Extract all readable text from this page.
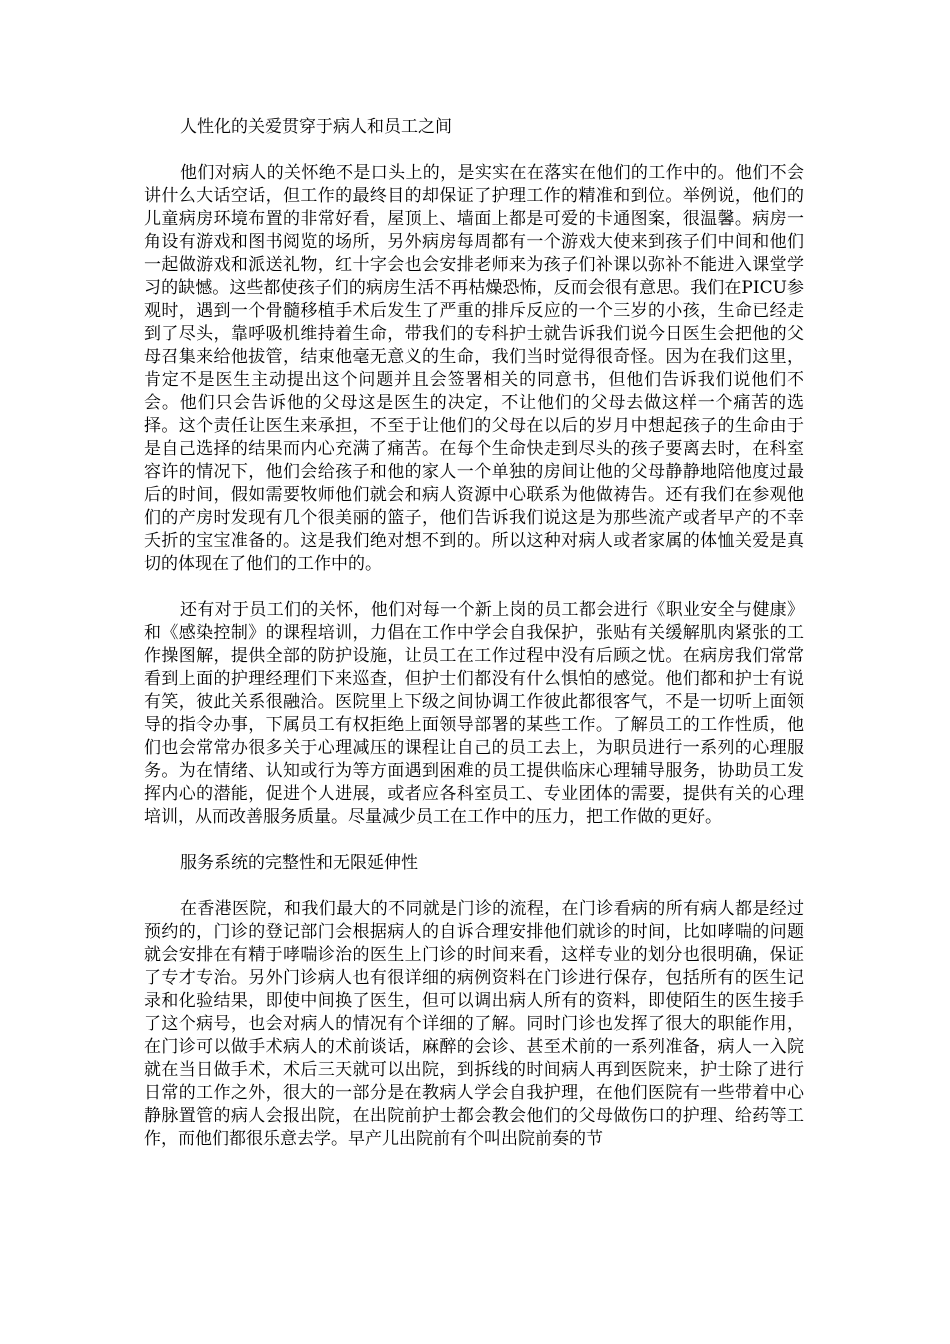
人性化的关爱贯穿于病人和员工之间

他们对病人的关怀绝不是口头上的，是实实在在落实在他们的工作中的。他们不会讲什么大话空话，但工作的最终目的却保证了护理工作的精准和到位。举例说，他们的儿童病房环境布置的非常好看，屋顶上、墙面上都是可爱的卡通图案，很温馨。病房一角设有游戏和图书阅览的场所，另外病房每周都有一个游戏大使来到孩子们中间和他们一起做游戏和派送礼物，红十字会也会安排老师来为孩子们补课以弥补不能进入课堂学习的缺憾。这些都使孩子们的病房生活不再枯燥恐怖，反而会很有意思。我们在PICU参观时，遇到一个骨髓移植手术后发生了严重的排斥反应的一个三岁的小孩，生命已经走到了尽头，靠呼吸机维持着生命，带我们的专科护士就告诉我们说今日医生会把他的父母召集来给他拔管，结束他毫无意义的生命，我们当时觉得很奇怪。因为在我们这里，肯定不是医生主动提出这个问题并且会签署相关的同意书，但他们告诉我们说他们不会。他们只会告诉他的父母这是医生的决定，不让他们的父母去做这样一个痛苦的选择。这个责任让医生来承担，不至于让他们的父母在以后的岁月中想起孩子的生命由于是自己选择的结果而内心充满了痛苦。在每个生命快走到尽头的孩子要离去时，在科室容许的情况下，他们会给孩子和他的家人一个单独的房间让他的父母静静地陪他度过最后的时间，假如需要牧师他们就会和病人资源中心联系为他做祷告。还有我们在参观他们的产房时发现有几个很美丽的篮子，他们告诉我们说这是为那些流产或者早产的不幸夭折的宝宝准备的。这是我们绝对想不到的。所以这种对病人或者家属的体恤关爱是真切的体现在了他们的工作中的。

还有对于员工们的关怀，他们对每一个新上岗的员工都会进行《职业安全与健康》和《感染控制》的课程培训，力倡在工作中学会自我保护，张贴有关缓解肌肉紧张的工作操图解，提供全部的防护设施，让员工在工作过程中没有后顾之忧。在病房我们常常看到上面的护理经理们下来巡查，但护士们都没有什么惧怕的感觉。他们都和护士有说有笑，彼此关系很融洽。医院里上下级之间协调工作彼此都很客气，不是一切听上面领导的指令办事，下属员工有权拒绝上面领导部署的某些工作。了解员工的工作性质，他们也会常常办很多关于心理减压的课程让自己的员工去上，为职员进行一系列的心理服务。为在情绪、认知或行为等方面遇到困难的员工提供临床心理辅导服务，协助员工发挥内心的潜能，促进个人进展，或者应各科室员工、专业团体的需要，提供有关的心理培训，从而改善服务质量。尽量减少员工在工作中的压力，把工作做的更好。

服务系统的完整性和无限延伸性

在香港医院，和我们最大的不同就是门诊的流程，在门诊看病的所有病人都是经过预约的，门诊的登记部门会根据病人的自诉合理安排他们就诊的时间，比如哮喘的问题就会安排在有精于哮喘诊治的医生上门诊的时间来看，这样专业的划分也很明确，保证了专才专治。另外门诊病人也有很详细的病例资料在门诊进行保存，包括所有的医生记录和化验结果，即使中间换了医生，但可以调出病人所有的资料，即使陌生的医生接手了这个病号，也会对病人的情况有个详细的了解。同时门诊也发挥了很大的职能作用，在门诊可以做手术病人的术前谈话，麻醉的会诊、甚至术前的一系列准备，病人一入院就在当日做手术，术后三天就可以出院，到拆线的时间病人再到医院来，护士除了进行日常的工作之外，很大的一部分是在教病人学会自我护理，在他们医院有一些带着中心静脉置管的病人会报出院，在出院前护士都会教会他们的父母做伤口的护理、给药等工作，而他们都很乐意去学。早产儿出院前有个叫出院前奏的节
